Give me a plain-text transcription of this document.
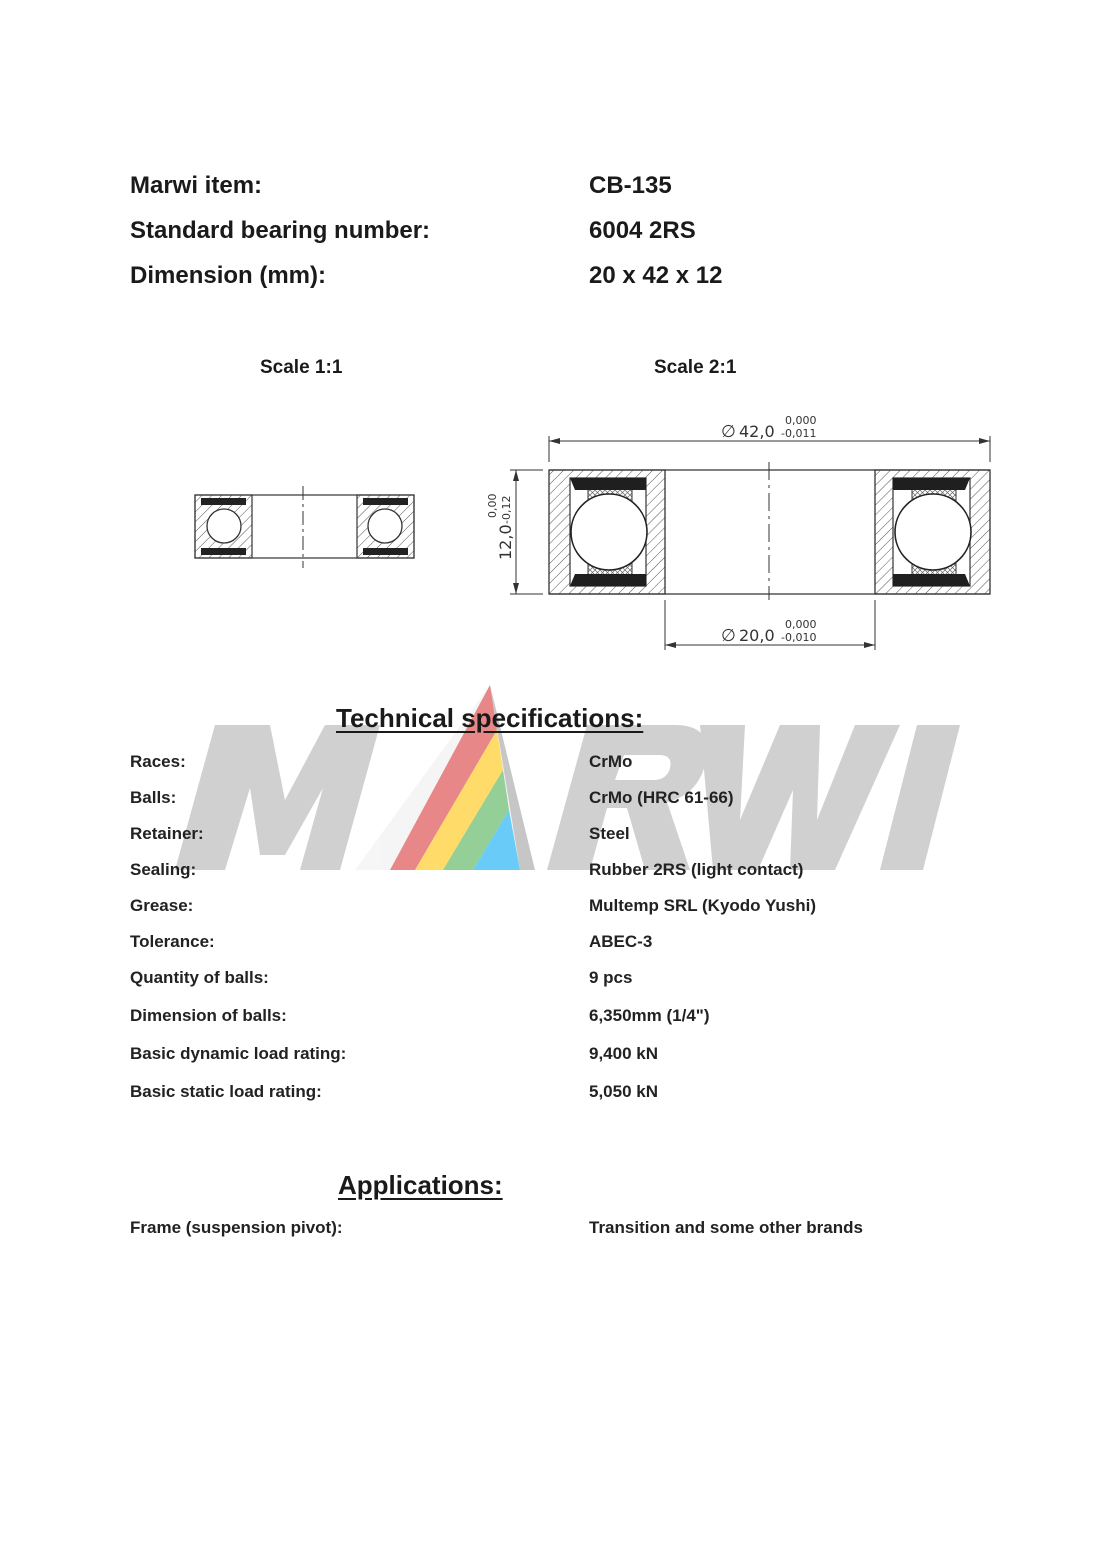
Marwi item:	CB-135
Standard bearing number:	6004 2RS
Dimension (mm):	20 x 42 x 12
Scale 1:1	Scale 2:1
∅ 42,0
0,000
-0,011
∅ 20,0
0,000
-0,010
12,0
0,00 -0,12
Technical specifications:
Races:	CrMo
Balls:	CrMo (HRC 61-66)
Retainer:	Steel
Sealing:	Rubber 2RS (light contact)
Grease:	Multemp SRL (Kyodo Yushi)
Tolerance:	ABEC-3
Quantity of balls:	9 pcs
Dimension of balls:	6,350mm (1/4")
Basic dynamic load rating:	9,400 kN
Basic static load rating:	5,050 kN
Applications:
Frame (suspension pivot):	Transition and some other brands
